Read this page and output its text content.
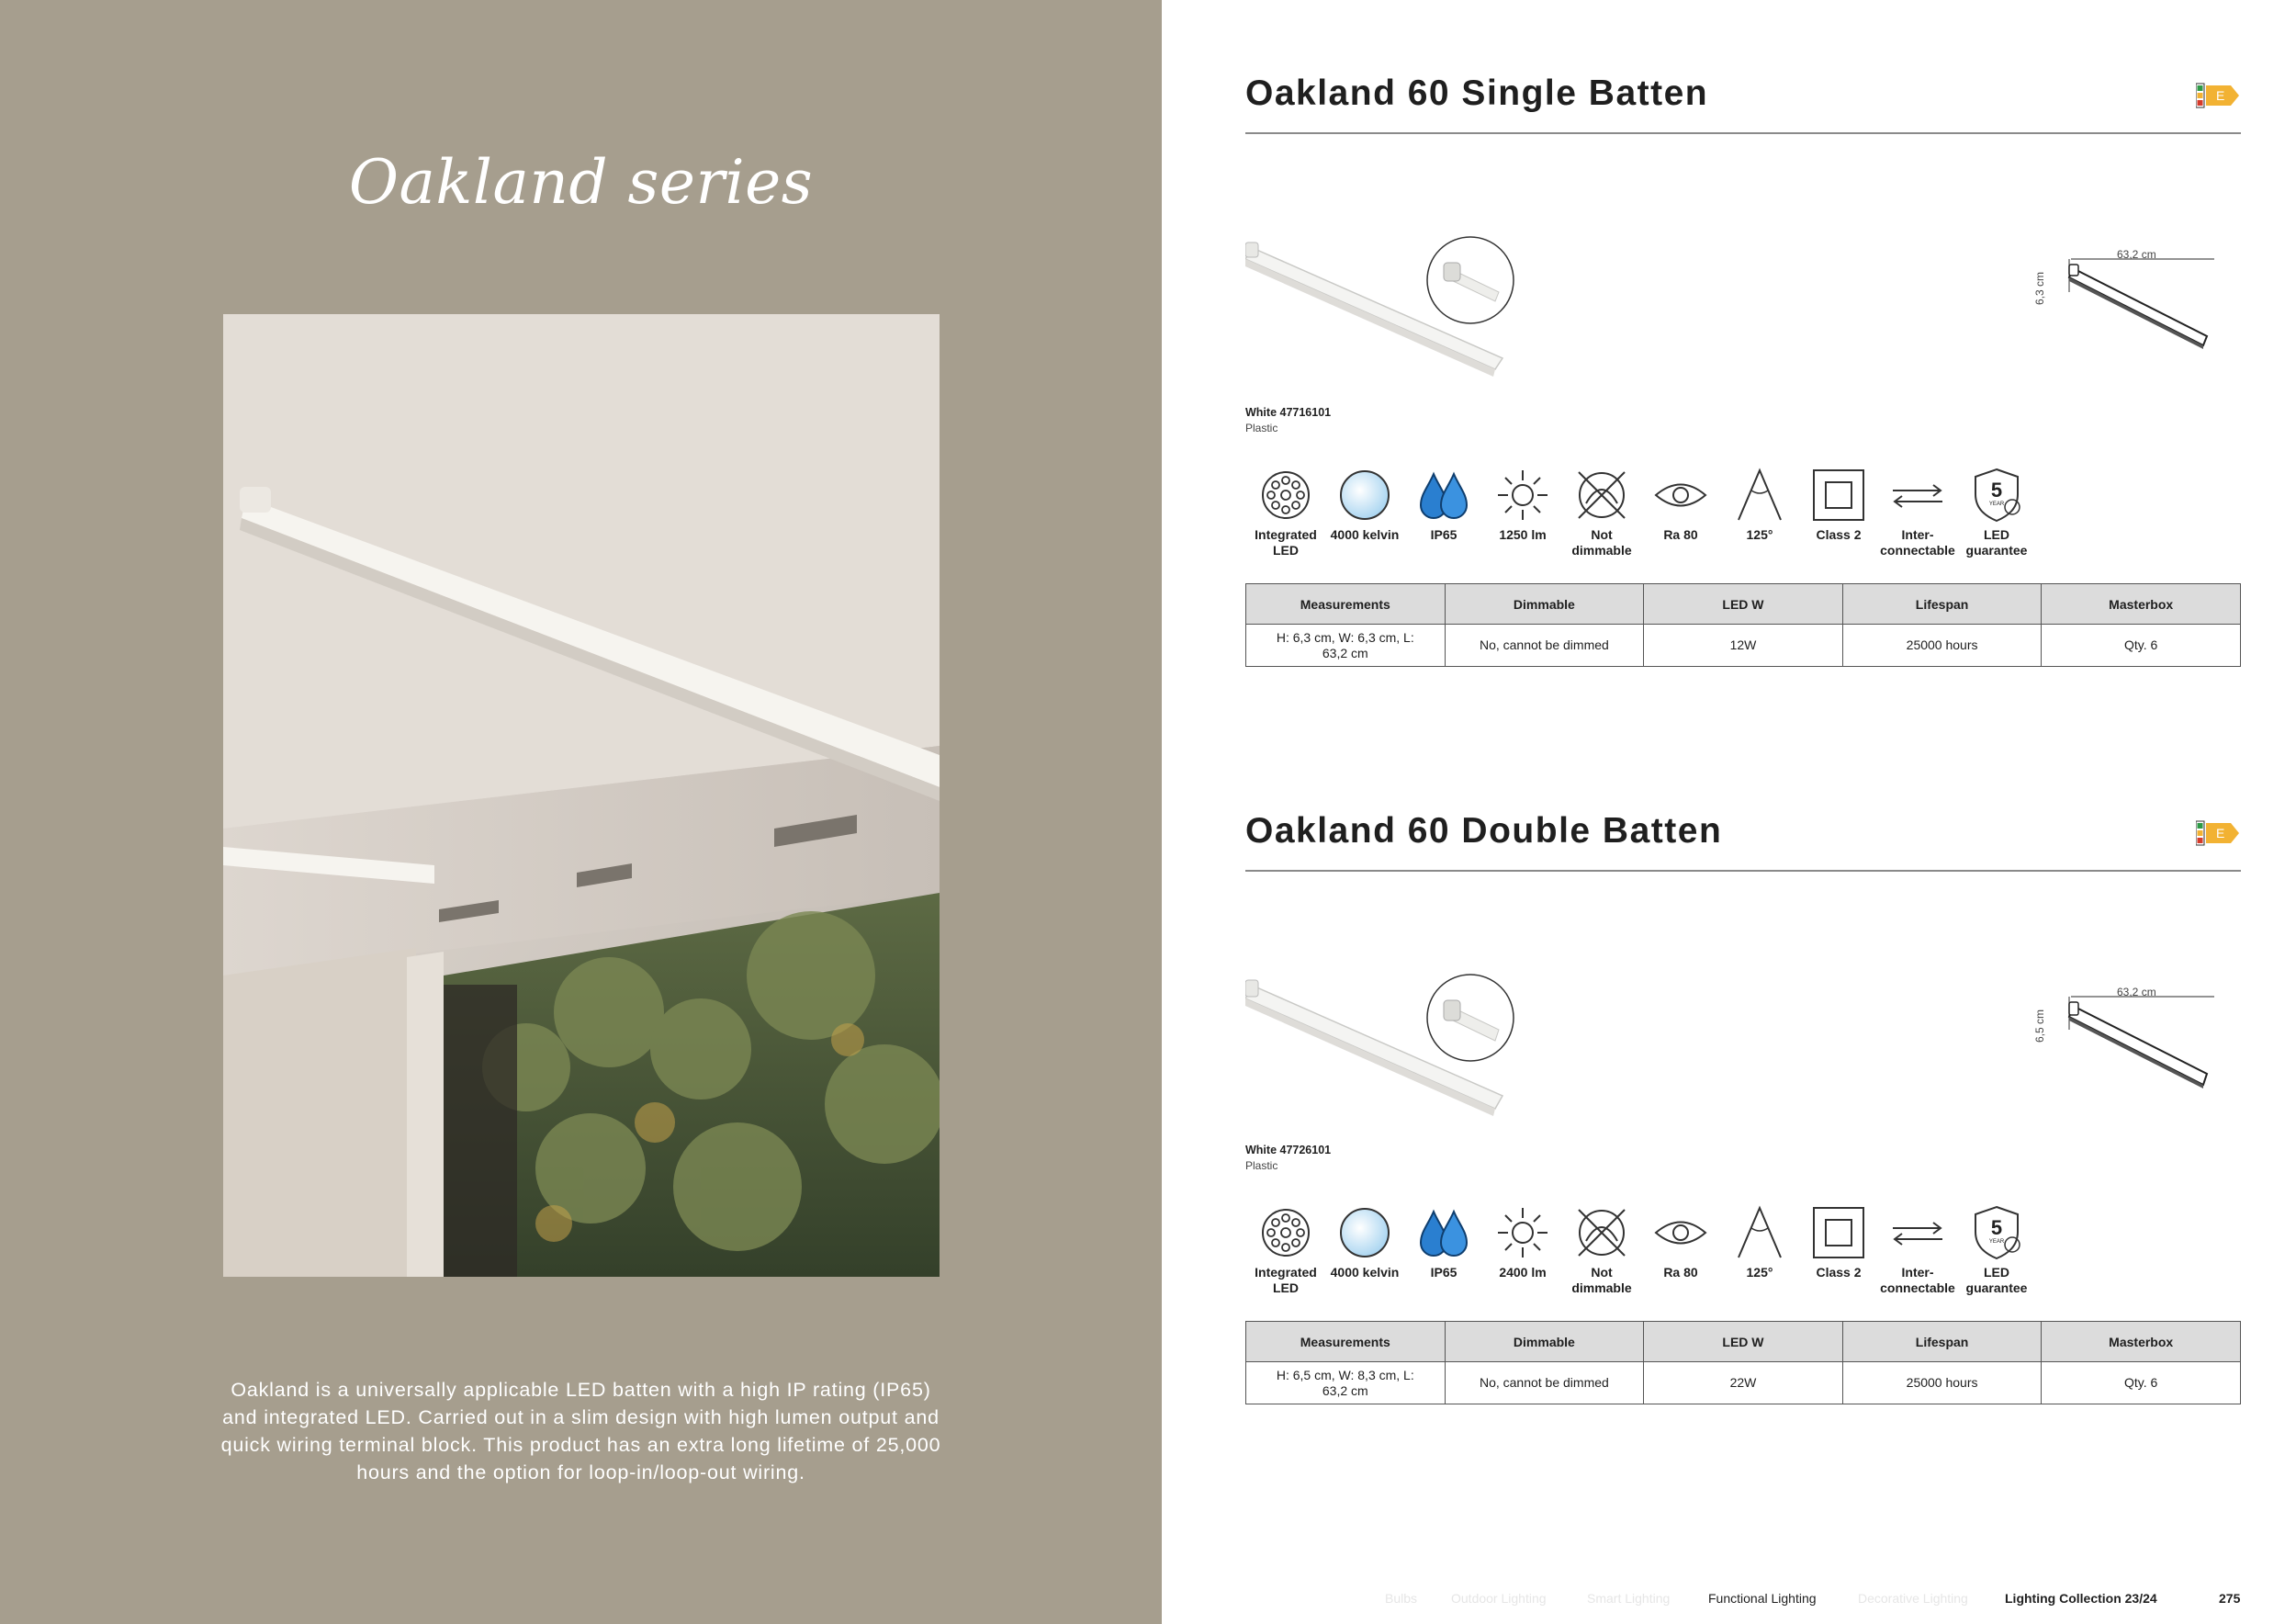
Oakland series
Oakland is a universally applicable LED batten with a high IP rating (IP65) and integrated LED. Carried out in a slim design with high lumen output and quick wiring terminal block. This product has an extra long lifetime of 25,000 hours and the option for loop-in/loop-out wiring.
Oakland 60 Single Batten	E
63,2 cm
6,3 cm
White 47716101
Plastic
Integrated LED
4000 kelvin	IP65	1250 lm	Not dimmable
Ra 80	125°	Class 2	Inter- connectable
5
YEAR
LED guarantee
Measurements	Dimmable	LED W	Lifespan	Masterbox
H: 6,3 cm, W: 6,3 cm, L: 63,2 cm	No, cannot be dimmed	12W	25000 hours	Qty. 6
Oakland 60 Double Batten	E
63,2 cm
6,5 cm
White 47726101
Plastic
Integrated LED
4000 kelvin	IP65	2400 lm	Not dimmable
Ra 80	125°	Class 2	Inter- connectable
5
YEAR
LED guarantee
Measurements	Dimmable	LED W	Lifespan	Masterbox
H: 6,5 cm, W: 8,3 cm, L: 63,2 cm	No, cannot be dimmed	22W	25000 hours	Qty. 6
Bulbs	Outdoor Lighting	Smart Lighting	Functional Lighting	Decorative Lighting	Lighting Collection 23/24	275
